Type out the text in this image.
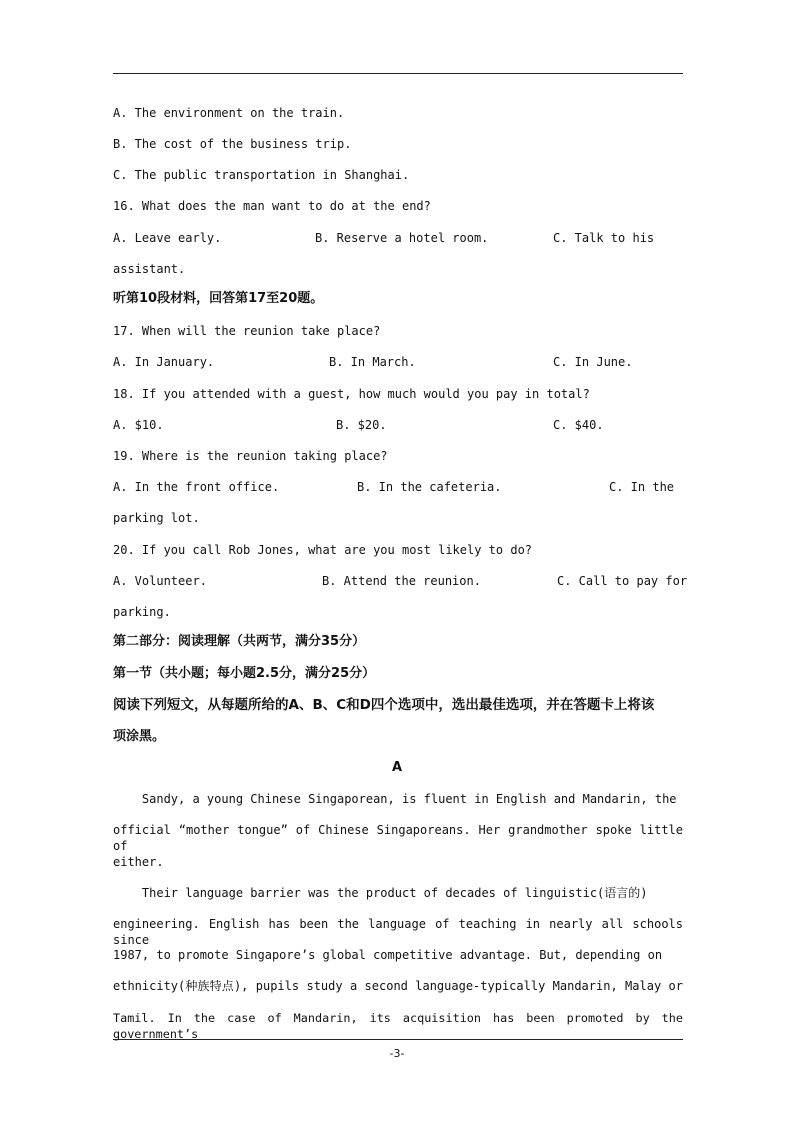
A. The environment on the train.
B. The cost of the business trip.
C. The public transportation in Shanghai.
16. What does the man want to do at the end?
A. Leave early.	B. Reserve a hotel room.	C. Talk to his
assistant.
听第10段材料，回答第17至20题。
17. When will the reunion take place?
A. In January.	B. In March.	C. In June.
18. If you attended with a guest, how much would you pay in total?
A. $10.	B. $20.	C. $40.
19. Where is the reunion taking place?
A. In the front office.	B. In the cafeteria.	C. In the
parking lot.
20. If you call Rob Jones, what are you most likely to do?
A. Volunteer.	B. Attend the reunion.	C. Call to pay for
parking.
第二部分：阅读理解（共两节，满分35分）
第一节（共小题；每小题2.5分，满分25分）
阅读下列短文，从每题所给的A、B、C和D四个选项中，选出最佳选项，并在答题卡上将该
项涂黑。
A
Sandy, a young Chinese Singaporean, is fluent in English and Mandarin, the
official “mother tongue” of Chinese Singaporeans. Her grandmother spoke little of
either.
Their language barrier was the product of decades of linguistic(语言的)
engineering. English has been the language of teaching in nearly all schools since
1987, to promote Singapore’s global competitive advantage. But, depending on
ethnicity(种族特点), pupils study a second language-typically Mandarin, Malay or
Tamil. In the case of Mandarin, its acquisition has been promoted by the government’s
-3-
